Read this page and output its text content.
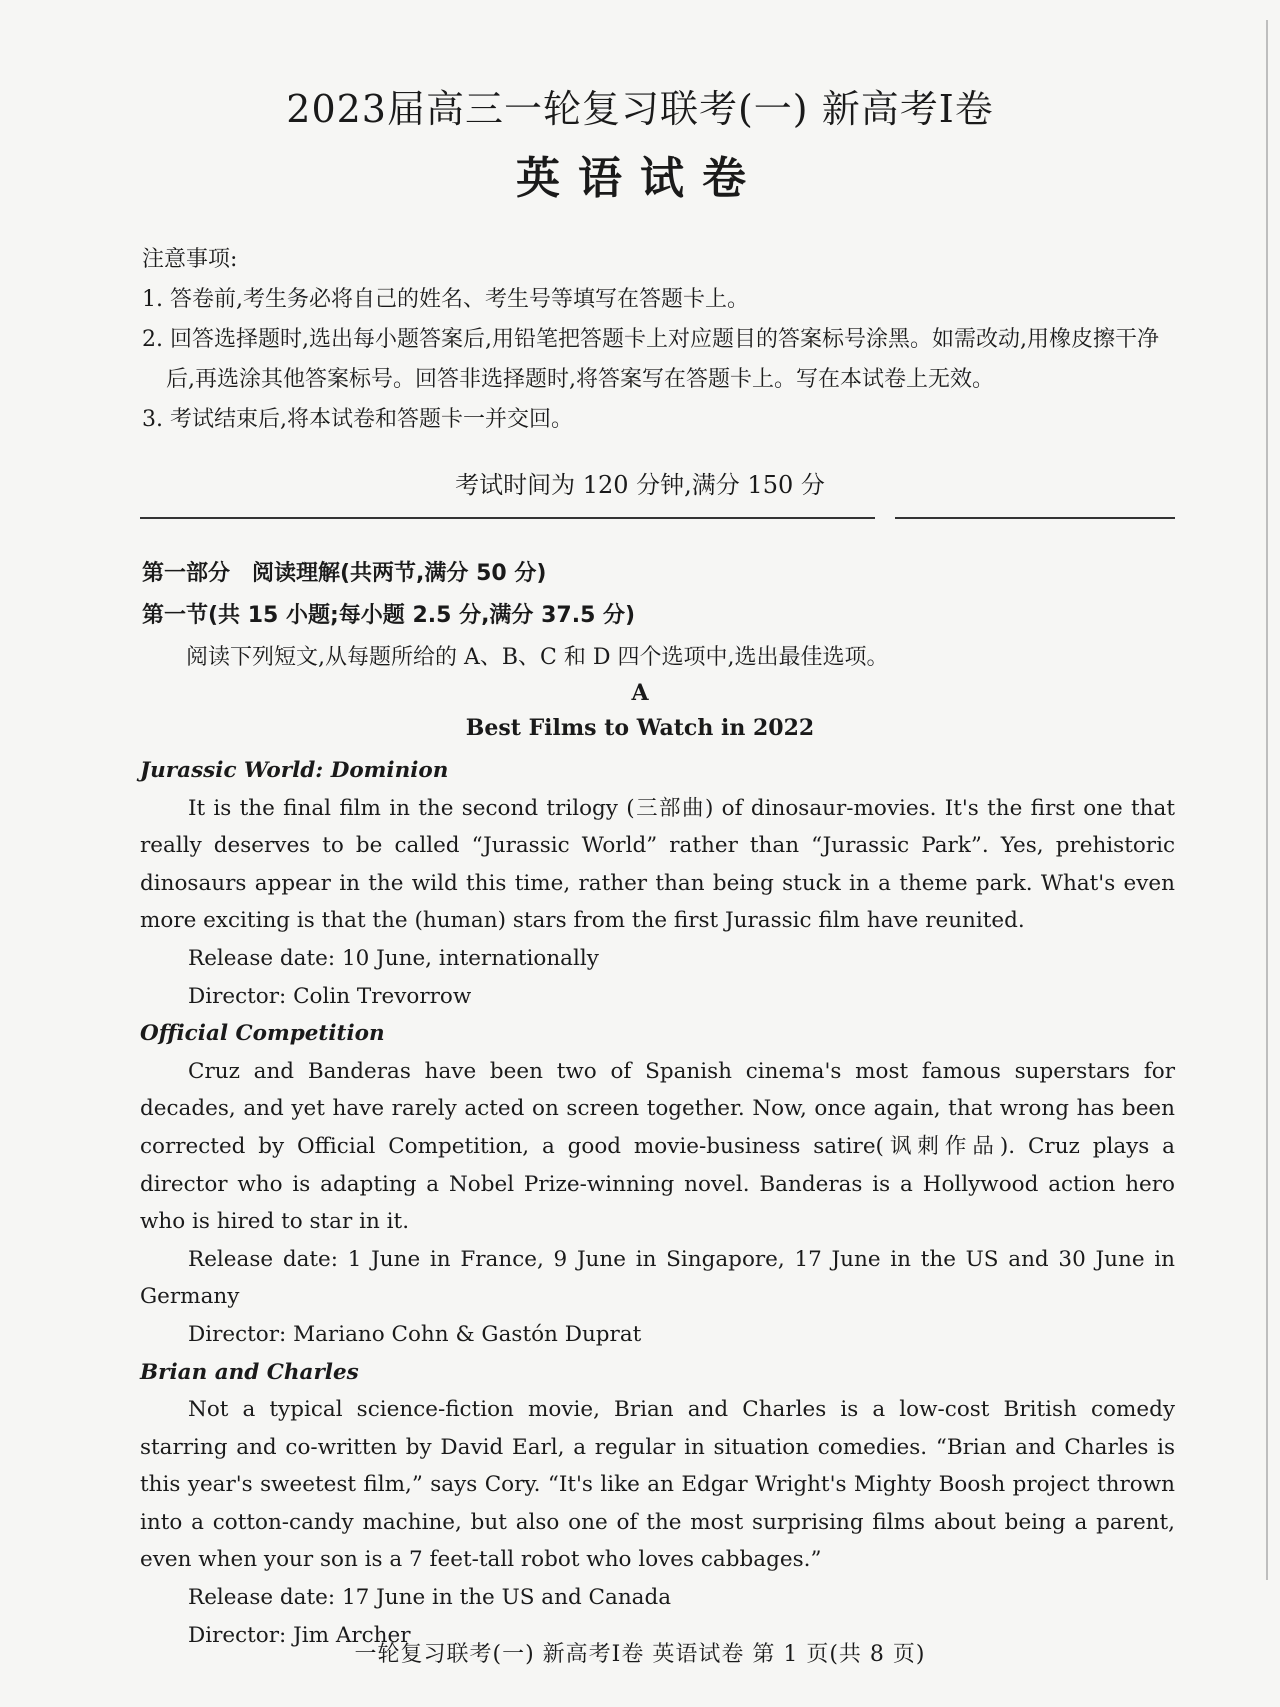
2023届高三一轮复习联考(一) 新高考Ⅰ卷
英语试卷
注意事项:
1. 答卷前,考生务必将自己的姓名、考生号等填写在答题卡上。
2. 回答选择题时,选出每小题答案后,用铅笔把答题卡上对应题目的答案标号涂黑。如需改动,用橡皮擦干净后,再选涂其他答案标号。回答非选择题时,将答案写在答题卡上。写在本试卷上无效。
3. 考试结束后,将本试卷和答题卡一并交回。
考试时间为 120 分钟,满分 150 分
第一部分　阅读理解(共两节,满分 50 分)
第一节(共 15 小题;每小题 2.5 分,满分 37.5 分)
阅读下列短文,从每题所给的 A、B、C 和 D 四个选项中,选出最佳选项。
A
Best Films to Watch in 2022

Jurassic World: Dominion

It is the final film in the second trilogy (三部曲) of dinosaur-movies. It's the first one that really deserves to be called “Jurassic World” rather than “Jurassic Park”. Yes, prehistoric dinosaurs appear in the wild this time, rather than being stuck in a theme park. What's even more exciting is that the (human) stars from the first Jurassic film have reunited.

Release date: 10 June, internationally

Director: Colin Trevorrow

Official Competition

Cruz and Banderas have been two of Spanish cinema's most famous superstars for decades, and yet have rarely acted on screen together. Now, once again, that wrong has been corrected by Official Competition, a good movie-business satire(讽刺作品). Cruz plays a director who is adapting a Nobel Prize-winning novel. Banderas is a Hollywood action hero who is hired to star in it.

Release date: 1 June in France, 9 June in Singapore, 17 June in the US and 30 June in Germany

Director: Mariano Cohn & Gastón Duprat

Brian and Charles

Not a typical science-fiction movie, Brian and Charles is a low-cost British comedy starring and co-written by David Earl, a regular in situation comedies. “Brian and Charles is this year's sweetest film,” says Cory. “It's like an Edgar Wright's Mighty Boosh project thrown into a cotton-candy machine, but also one of the most surprising films about being a parent, even when your son is a 7 feet-tall robot who loves cabbages.”

Release date: 17 June in the US and Canada

Director: Jim Archer

一轮复习联考(一) 新高考Ⅰ卷 英语试卷 第 1 页(共 8 页)
